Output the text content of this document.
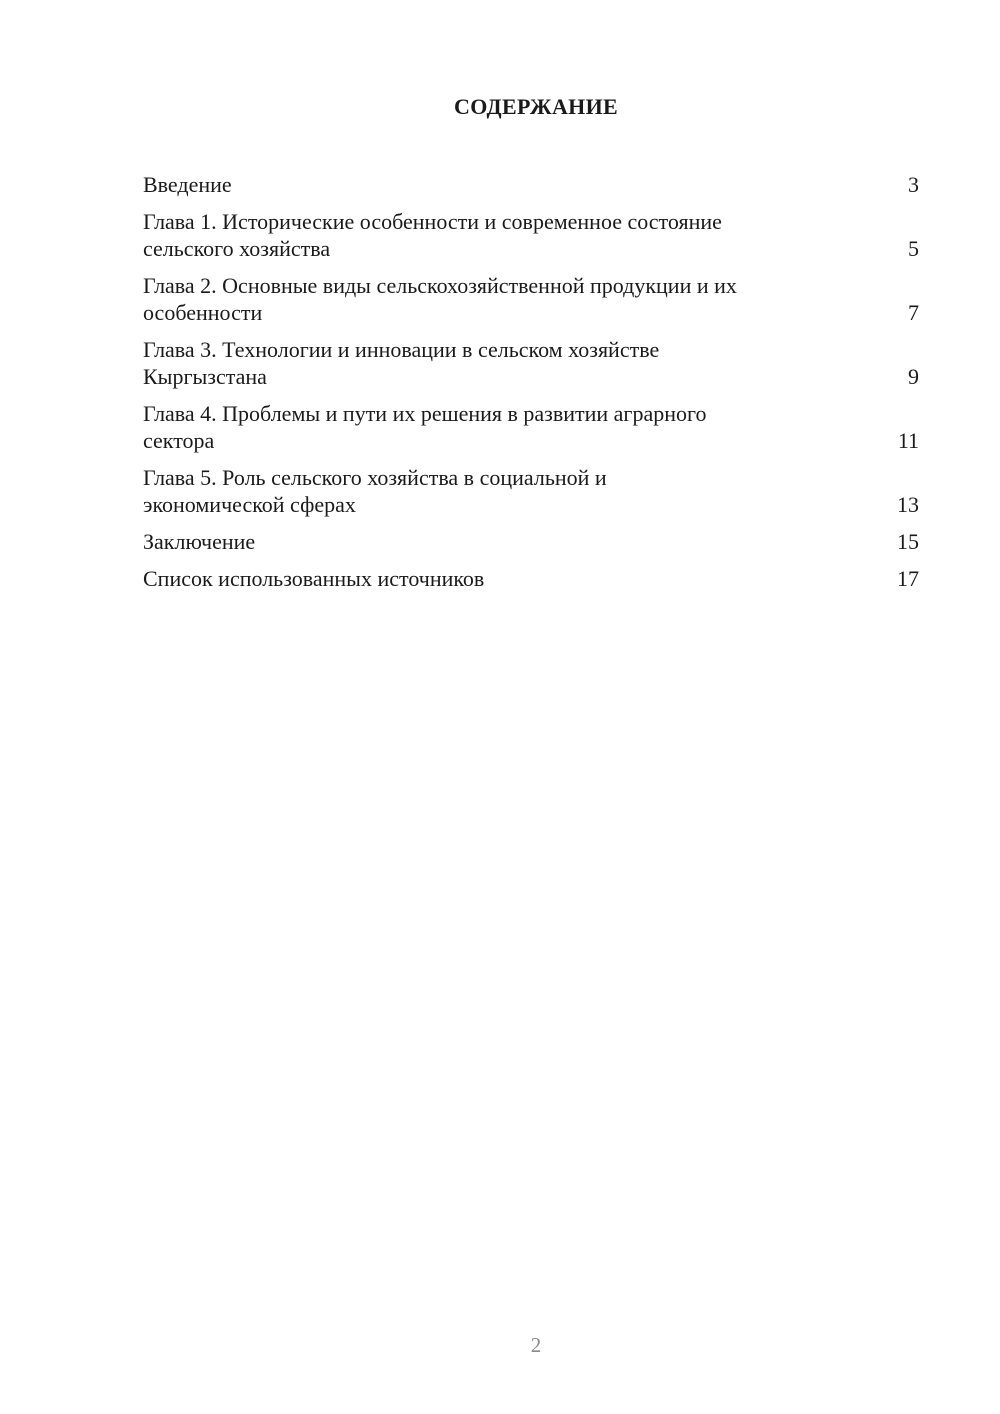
СОДЕРЖАНИЕ
Введение	3
Глава 1. Исторические особенности и современное состояние
сельского хозяйства	5
Глава 2. Основные виды сельскохозяйственной продукции и их
особенности	7
Глава 3. Технологии и инновации в сельском хозяйстве
Кыргызстана	9
Глава 4. Проблемы и пути их решения в развитии аграрного
сектора	11
Глава 5. Роль сельского хозяйства в социальной и
экономической сферах	13
Заключение	15
Список использованных источников	17
2
